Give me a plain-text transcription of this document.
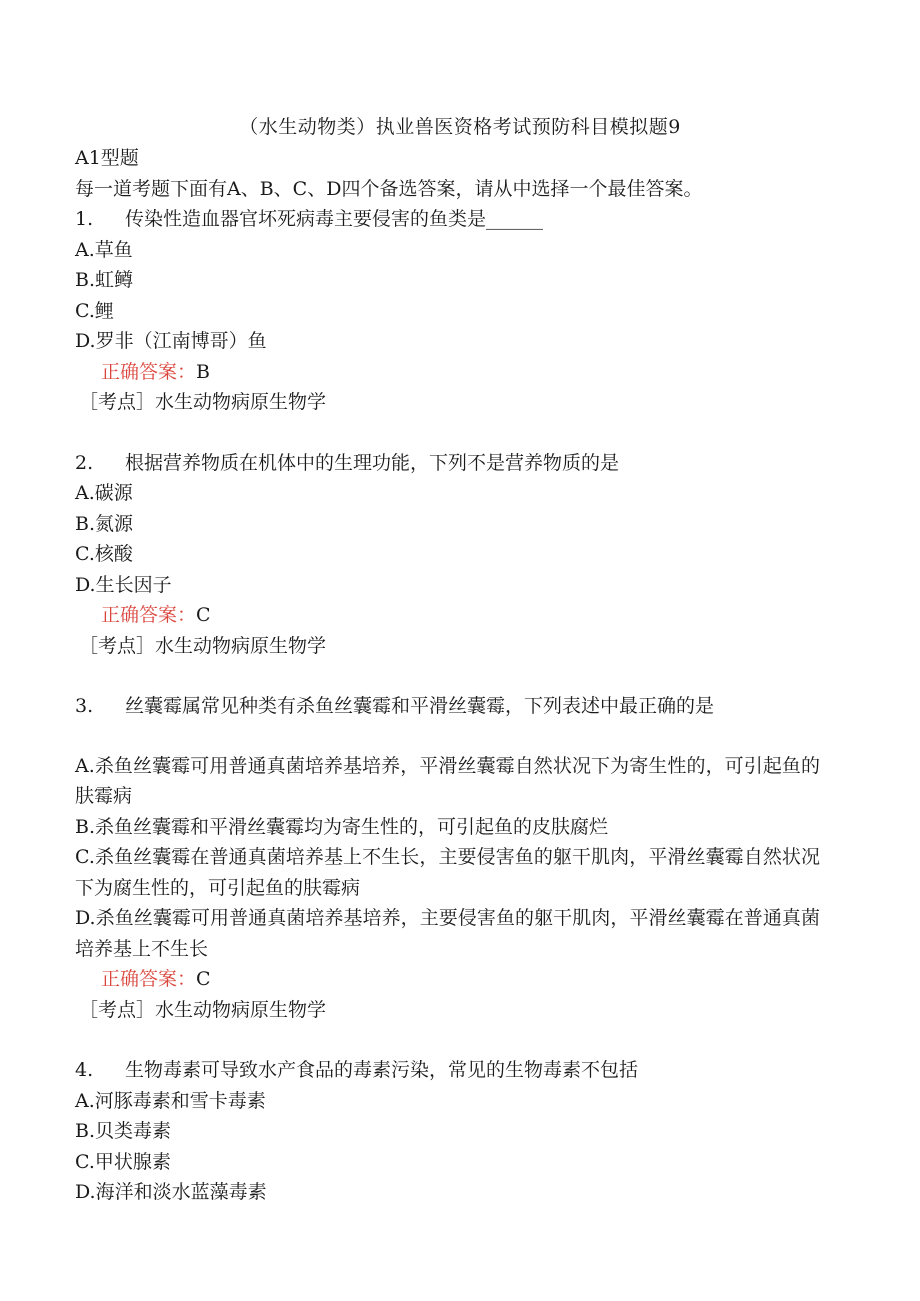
（水生动物类）执业兽医资格考试预防科目模拟题9
A1型题
每一道考题下面有A、B、C、D四个备选答案，请从中选择一个最佳答案。
1.	传染性造血器官坏死病毒主要侵害的鱼类是______
A.草鱼
B.虹鳟
C.鲤
D.罗非（江南博哥）鱼
正确答案：B
［考点］水生动物病原生物学
2.	根据营养物质在机体中的生理功能，下列不是营养物质的是
A.碳源
B.氮源
C.核酸
D.生长因子
正确答案：C
［考点］水生动物病原生物学
3.	丝囊霉属常见种类有杀鱼丝囊霉和平滑丝囊霉，下列表述中最正确的是
A.杀鱼丝囊霉可用普通真菌培养基培养，平滑丝囊霉自然状况下为寄生性的，可引起鱼的肤霉病
B.杀鱼丝囊霉和平滑丝囊霉均为寄生性的，可引起鱼的皮肤腐烂
C.杀鱼丝囊霉在普通真菌培养基上不生长，主要侵害鱼的躯干肌肉，平滑丝囊霉自然状况下为腐生性的，可引起鱼的肤霉病
D.杀鱼丝囊霉可用普通真菌培养基培养，主要侵害鱼的躯干肌肉，平滑丝囊霉在普通真菌培养基上不生长
正确答案：C
［考点］水生动物病原生物学
4.	生物毒素可导致水产食品的毒素污染，常见的生物毒素不包括
A.河豚毒素和雪卡毒素
B.贝类毒素
C.甲状腺素
D.海洋和淡水蓝藻毒素
